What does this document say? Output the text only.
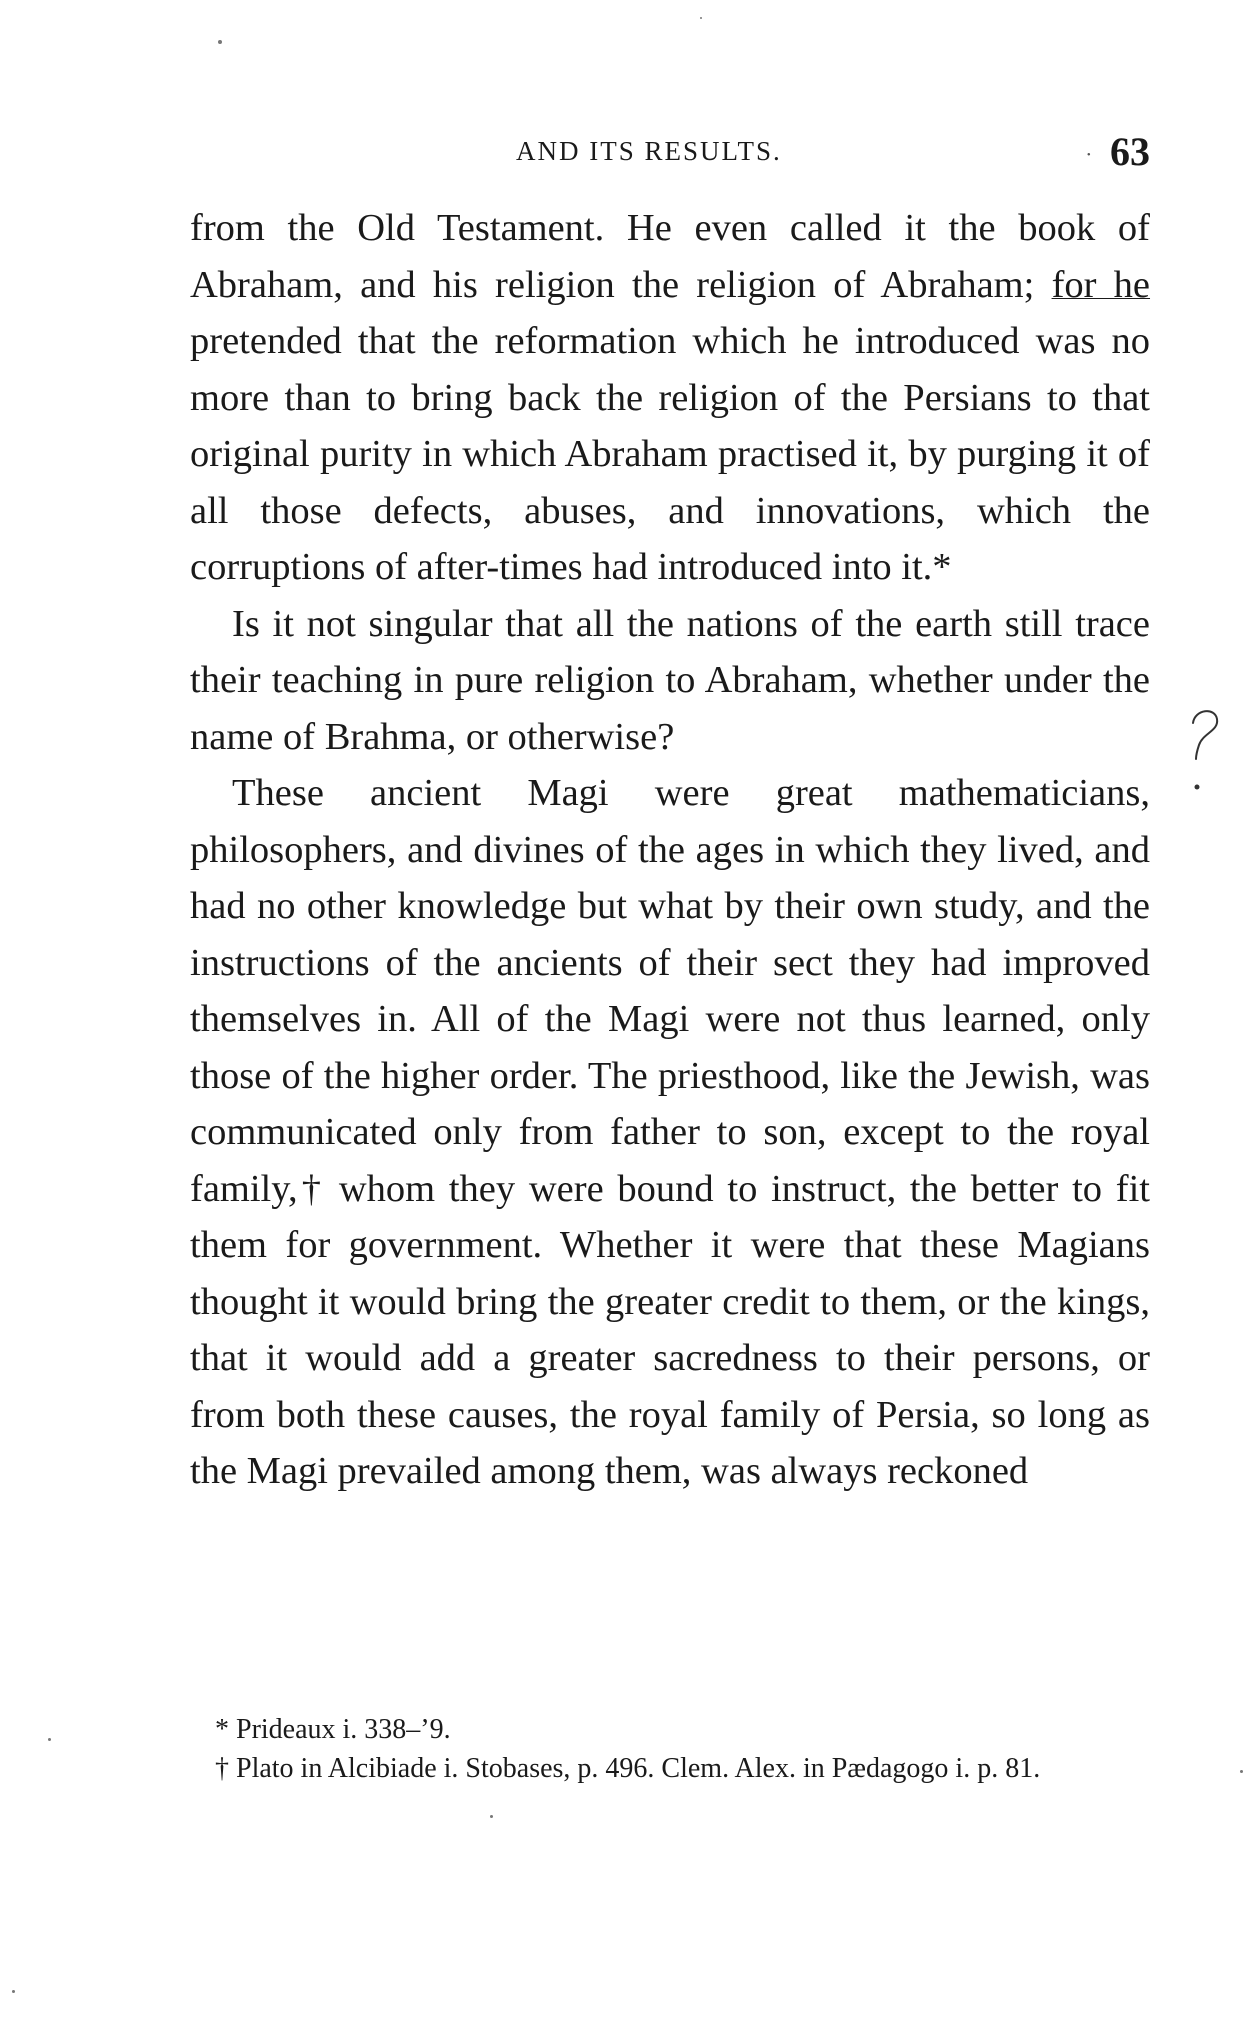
AND ITS RESULTS.	· 63

from the Old Testament. He even called it the book of Abraham, and his religion the religion of Abraham; for he pretended that the reformation which he introduced was no more than to bring back the religion of the Persians to that original purity in which Abraham practised it, by purging it of all those defects, abuses, and innovations, which the corruptions of after-times had introduced into it.*

Is it not singular that all the nations of the earth still trace their teaching in pure religion to Abraham, whether under the name of Brahma, or otherwise?

These ancient Magi were great mathematicians, philosophers, and divines of the ages in which they lived, and had no other knowledge but what by their own study, and the instructions of the ancients of their sect they had improved themselves in. All of the Magi were not thus learned, only those of the higher order. The priesthood, like the Jewish, was communicated only from father to son, except to the royal family,† whom they were bound to instruct, the better to fit them for government. Whether it were that these Magians thought it would bring the greater credit to them, or the kings, that it would add a greater sacredness to their persons, or from both these causes, the royal family of Persia, so long as the Magi prevailed among them, was always reckoned

* Prideaux i. 338–’9.

† Plato in Alcibiade i. Stobases, p. 496. Clem. Alex. in Pædagogo i. p. 81.
